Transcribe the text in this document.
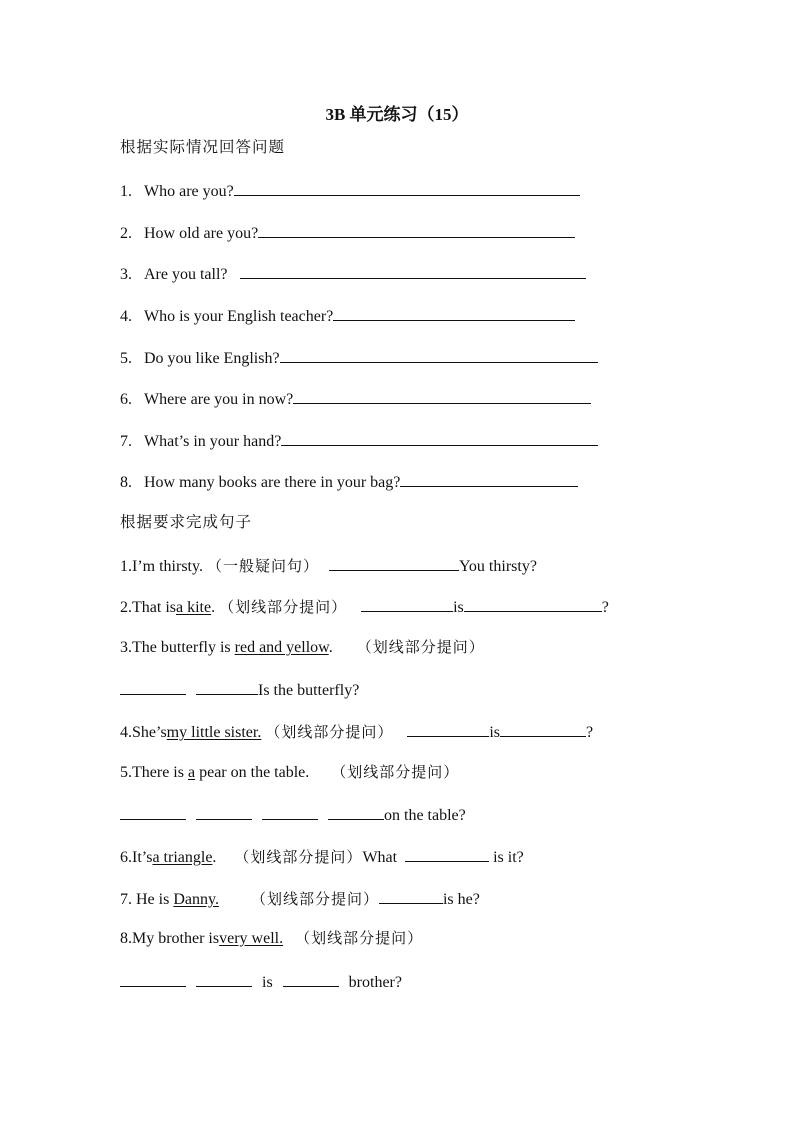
3B 单元练习（15）
根据实际情况回答问题
1. Who are you?
2. How old are you?
3. Are you tall?
4. Who is your English teacher?
5. Do you like English?
6. Where are you in now?
7. What’s in your hand?
8. How many books are there in your bag?
根据要求完成句子
1.I’m thirsty. （一般疑问句）	You thirsty?
2.That isa kite. （划线部分提问）	is	?
3.The butterfly is red and yellow. （划线部分提问）
Is the butterfly?
4.She’smy little sister. （划线部分提问）	is	?
5.There is a pear on the table. （划线部分提问）
on the table?
6.It’sa triangle. （划线部分提问）What	is it?
7. He is Danny. （划线部分提问）	is he?
8.My brother isvery well. （划线部分提问）
is	brother?
